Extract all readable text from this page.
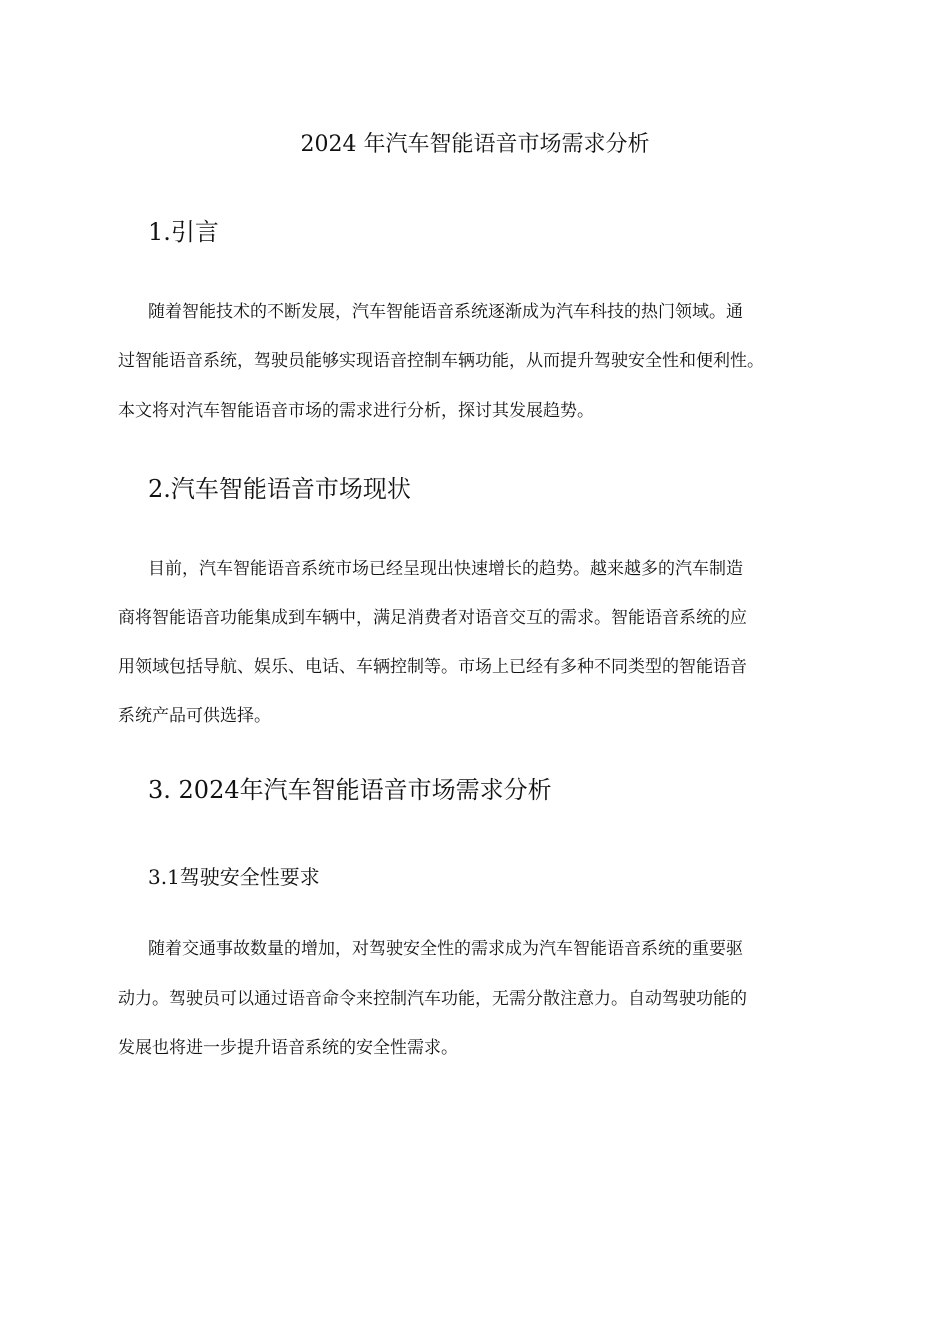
2024 年汽车智能语音市场需求分析
1.引言
随着智能技术的不断发展，汽车智能语音系统逐渐成为汽车科技的热门领域。通
过智能语音系统，驾驶员能够实现语音控制车辆功能，从而提升驾驶安全性和便利性。
本文将对汽车智能语音市场的需求进行分析，探讨其发展趋势。
2.汽车智能语音市场现状
目前，汽车智能语音系统市场已经呈现出快速增长的趋势。越来越多的汽车制造
商将智能语音功能集成到车辆中，满足消费者对语音交互的需求。智能语音系统的应
用领域包括导航、娱乐、电话、车辆控制等。市场上已经有多种不同类型的智能语音
系统产品可供选择。
3. 2024年汽车智能语音市场需求分析
3.1驾驶安全性要求
随着交通事故数量的增加，对驾驶安全性的需求成为汽车智能语音系统的重要驱
动力。驾驶员可以通过语音命令来控制汽车功能，无需分散注意力。自动驾驶功能的
发展也将进一步提升语音系统的安全性需求。
